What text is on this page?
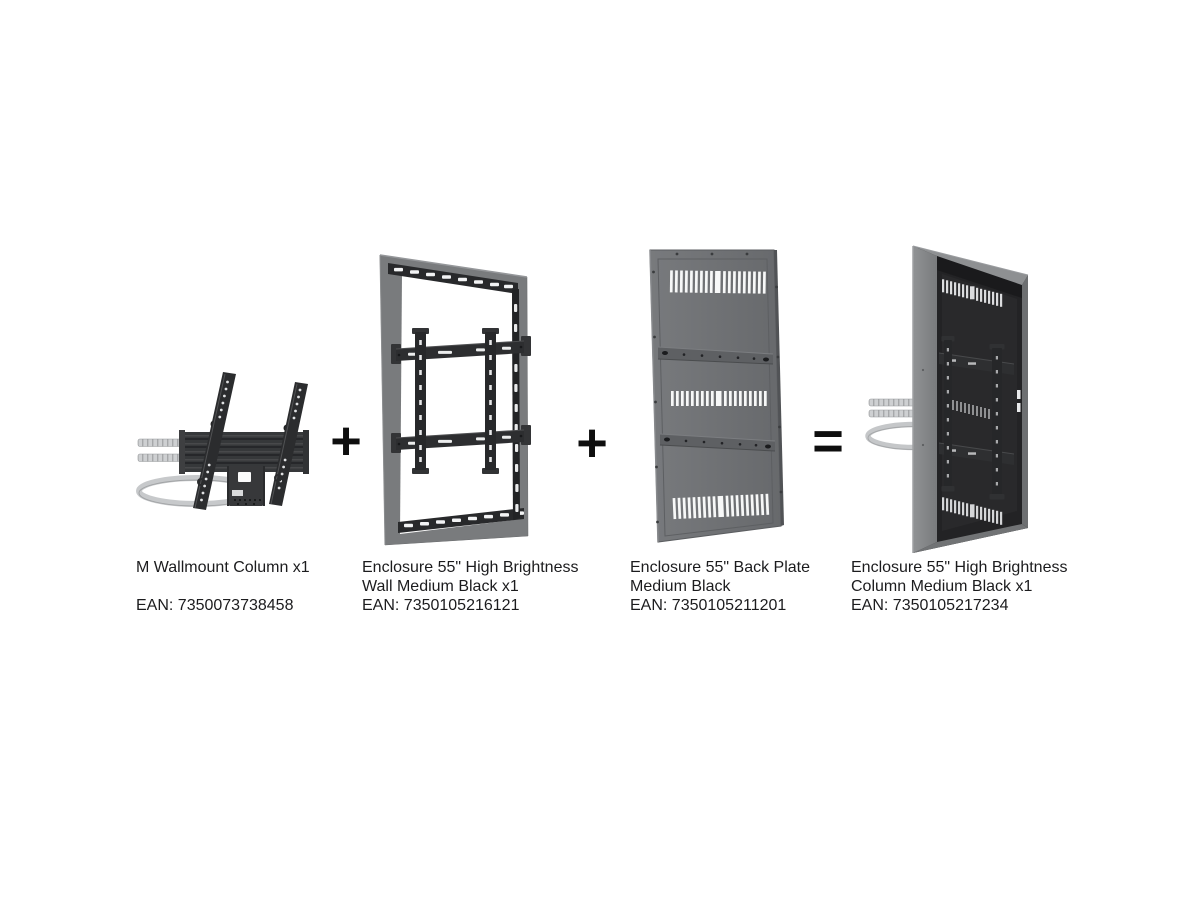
+	+	=
M Wallmount Column x1
EAN: 7350073738458
Enclosure 55" High Brightness
Wall Medium Black x1
EAN: 7350105216121
Enclosure 55" Back Plate
Medium Black
EAN: 7350105211201
Enclosure 55" High Brightness
Column Medium Black x1
EAN: 7350105217234
